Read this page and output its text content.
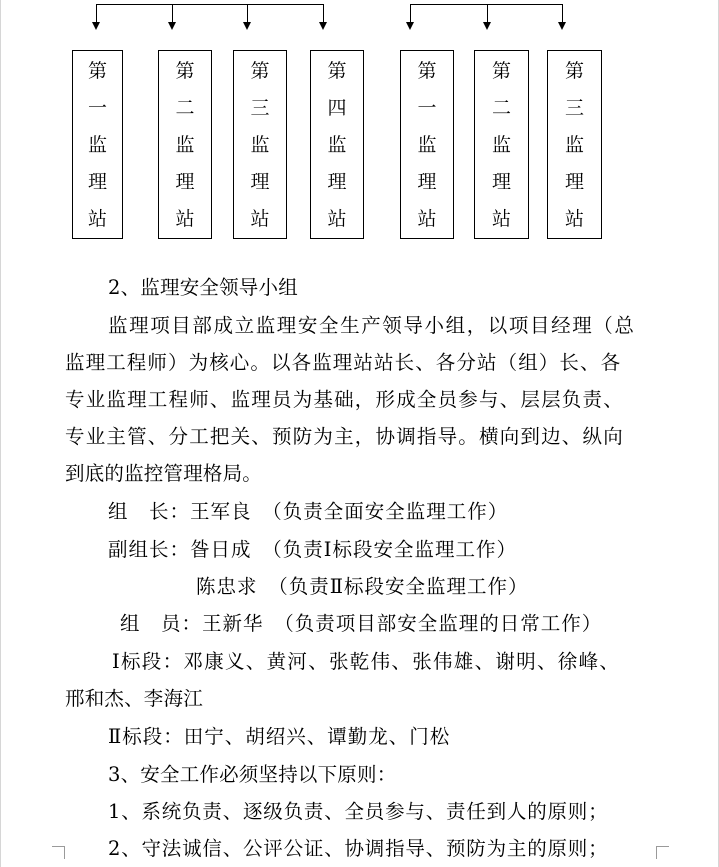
第
一
监
理
站
第
二
监
理
站
第
三
监
理
站
第
四
监
理
站
第
一
监
理
站
第
二
监
理
站
第
三
监
理
站
2、监理安全领导小组
监理项目部成立监理安全生产领导小组，以项目经理（总
监理工程师）为核心。以各监理站站长、各分站（组）长、各
专业监理工程师、监理员为基础，形成全员参与、层层负责、
专业主管、分工把关、预防为主，协调指导。横向到边、纵向
到底的监控管理格局。
组　长：王军良　（负责全面安全监理工作）
副组长：昝日成　（负责Ⅰ标段安全监理工作）
陈忠求　（负责Ⅱ标段安全监理工作）
组　员：王新华　（负责项目部安全监理的日常工作）
Ⅰ标段：邓康义、黄河、张乾伟、张伟雄、谢明、徐峰、
邢和杰、李海江
Ⅱ标段：田宁、胡绍兴、谭勤龙、门松
3、安全工作必须坚持以下原则：
1、系统负责、逐级负责、全员参与、责任到人的原则；
2、守法诚信、公评公证、协调指导、预防为主的原则；
